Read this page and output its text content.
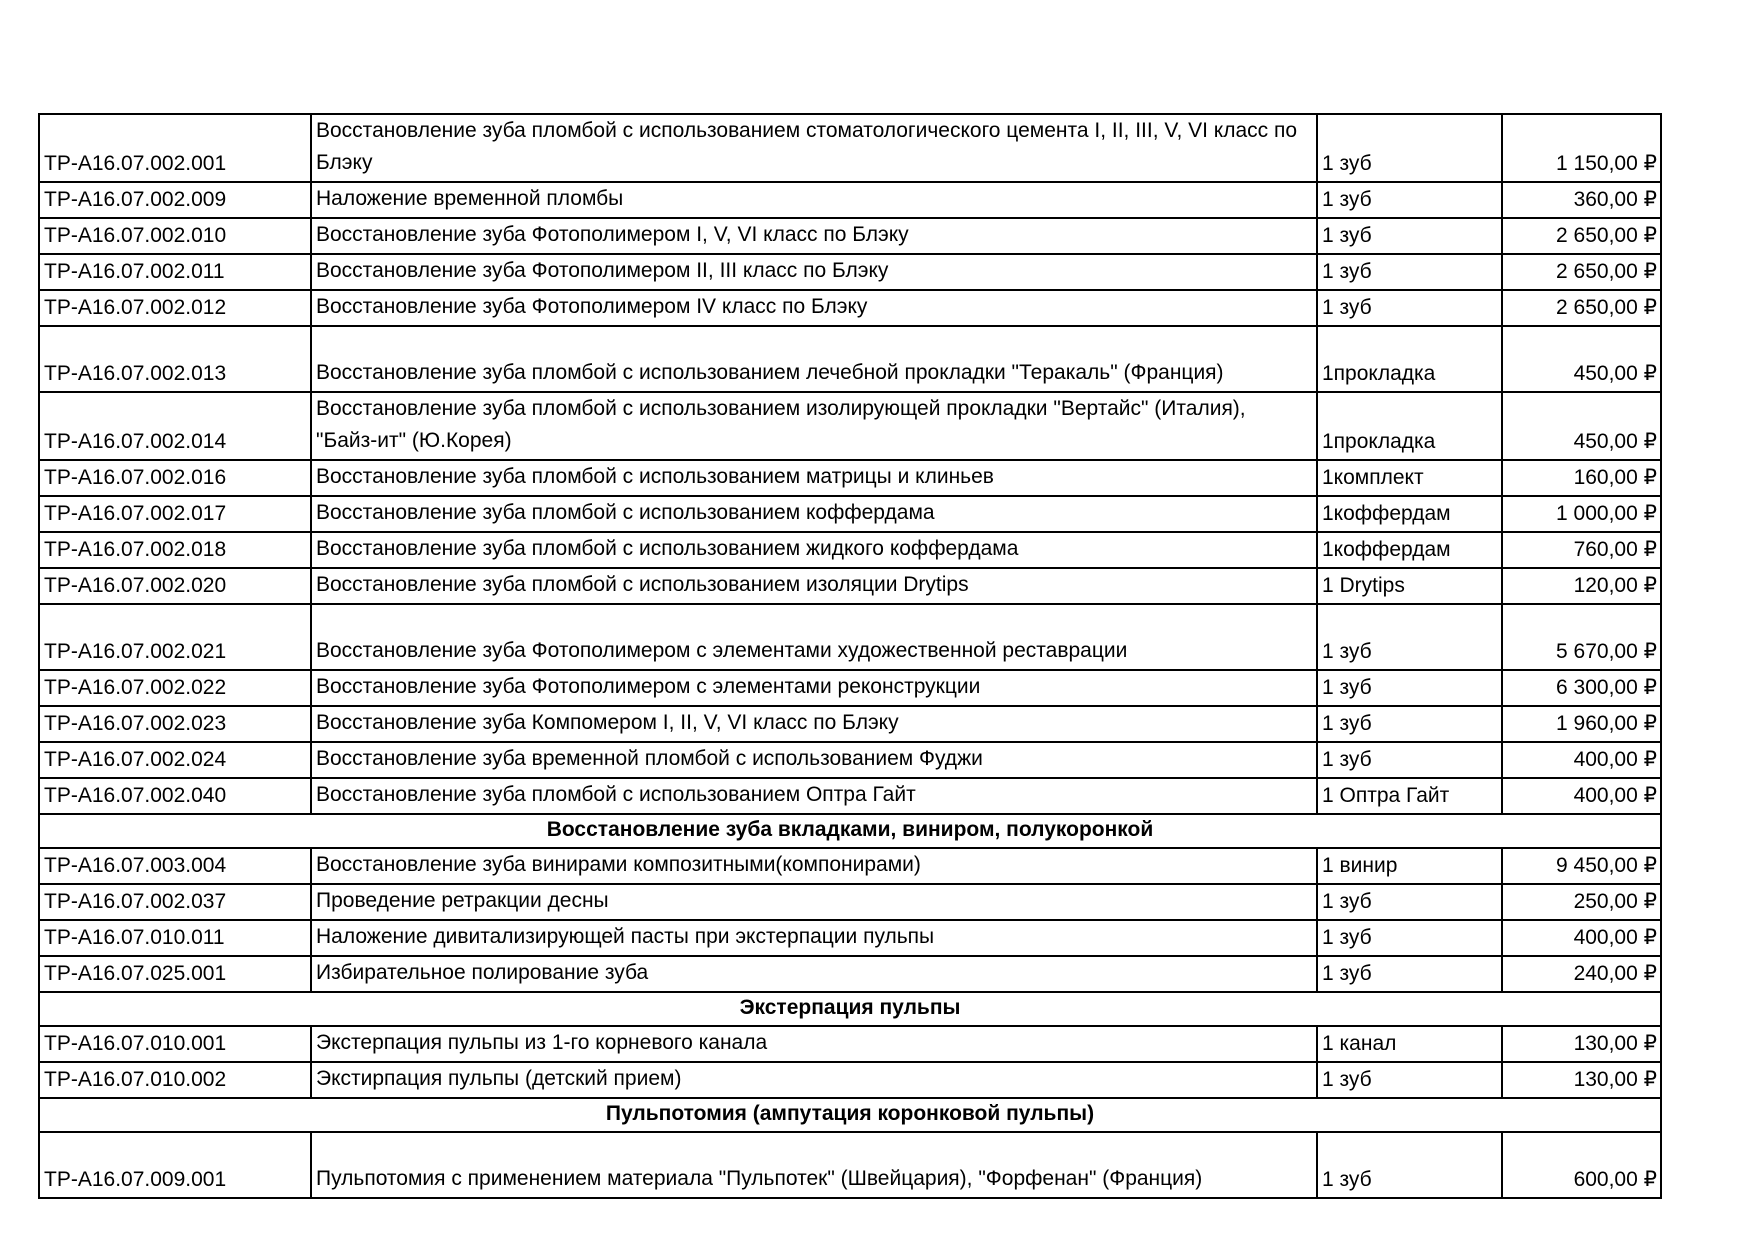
ТР-А16.07.002.001	Восстановление зуба пломбой с использованием стоматологического цемента I, II, III, V, VI класс по Блэку	1 зуб	1 150,00 ₽
ТР-А16.07.002.009	Наложение временной пломбы	1 зуб	360,00 ₽
ТР-А16.07.002.010	Восстановление зуба Фотополимером I, V, VI класс по Блэку	1 зуб	2 650,00 ₽
ТР-А16.07.002.011	Восстановление зуба Фотополимером II, III класс по Блэку	1 зуб	2 650,00 ₽
ТР-А16.07.002.012	Восстановление зуба Фотополимером IV класс по Блэку	1 зуб	2 650,00 ₽
ТР-А16.07.002.013	Восстановление зуба пломбой с использованием лечебной прокладки "Теракаль" (Франция)	1прокладка	450,00 ₽
ТР-А16.07.002.014	Восстановление зуба пломбой с использованием изолирующей прокладки "Вертайс" (Италия), "Байз-ит" (Ю.Корея)	1прокладка	450,00 ₽
ТР-А16.07.002.016	Восстановление зуба пломбой с использованием матрицы и клиньев	1комплект	160,00 ₽
ТР-А16.07.002.017	Восстановление зуба пломбой с использованием коффердама	1коффердам	1 000,00 ₽
ТР-А16.07.002.018	Восстановление зуба пломбой с использованием жидкого коффердама	1коффердам	760,00 ₽
ТР-А16.07.002.020	Восстановление зуба пломбой с использованием изоляции Drytips	1 Drytips	120,00 ₽
ТР-А16.07.002.021	Восстановление зуба Фотополимером с элементами художественной реставрации	1 зуб	5 670,00 ₽
ТР-А16.07.002.022	Восстановление зуба Фотополимером с элементами реконструкции	1 зуб	6 300,00 ₽
ТР-А16.07.002.023	Восстановление зуба Компомером I, II, V, VI класс по Блэку	1 зуб	1 960,00 ₽
ТР-А16.07.002.024	Восстановление зуба временной пломбой с использованием Фуджи	1 зуб	400,00 ₽
ТР-А16.07.002.040	Восстановление зуба пломбой с использованием Оптра Гайт	1 Оптра Гайт	400,00 ₽
Восстановление зуба вкладками, виниром, полукоронкой			
ТР-А16.07.003.004	Восстановление зуба винирами композитными(компонирами)	1 винир	9 450,00 ₽
ТР-А16.07.002.037	Проведение ретракции десны	1 зуб	250,00 ₽
ТР-А16.07.010.011	Наложение дивитализирующей пасты при экстерпации пульпы	1 зуб	400,00 ₽
ТР-А16.07.025.001	Избирательное полирование зуба	1 зуб	240,00 ₽
Экстерпация пульпы			
ТР-А16.07.010.001	Экстерпация пульпы из 1-го корневого канала	1 канал	130,00 ₽
ТР-А16.07.010.002	Экстирпация пульпы (детский прием)	1 зуб	130,00 ₽
Пульпотомия (ампутация коронковой пульпы)			
ТР-А16.07.009.001	Пульпотомия с применением материала "Пульпотек" (Швейцария), "Форфенан" (Франция)	1 зуб	600,00 ₽
